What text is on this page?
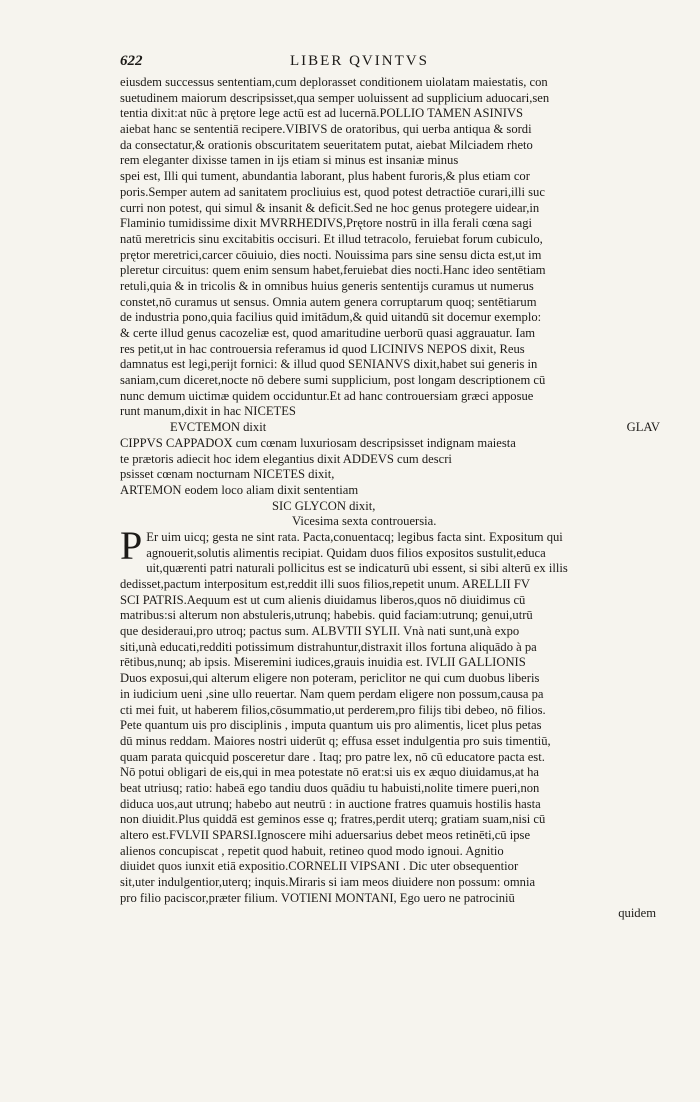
622	LIBER QVINTVS
eiusdem successus sententiam,cum deplorasset conditionem uiolatam maiestatis, con
suetudinem maiorum descripsisset,qua semper uoluissent ad supplicium aduocari,sen
tentia dixit:at nūc à prętore lege actū est ad lucernā.POLLIO TAMEN ASINIVS
aiebat hanc se sententiā recipere.VIBIVS de oratoribus, qui uerba antiqua & sordi
da consectatur,& orationis obscuritatem seueritatem putat, aiebat Milciadem rheto
rem eleganter dixisse tamen in ijs etiam si minus est insaniæ minus
spei est, Illi qui tument, abundantia laborant, plus habent furoris,& plus etiam cor
poris.Semper autem ad sanitatem procliuius est, quod potest detractiōe curari,illi suc
curri non potest, qui simul & insanit & deficit.Sed ne hoc genus protegere uidear,in
Flaminio tumidissime dixit MVRRHEDIVS,Prętore nostrū in illa ferali cœna sagi
natū meretricis sinu excitabitis occisuri. Et illud tetracolo, feruiebat forum cubiculo,
prętor meretrici,carcer cōuiuio, dies nocti. Nouissima pars sine sensu dicta est,ut im
pleretur circuitus: quem enim sensum habet,feruiebat dies nocti.Hanc ideo sentētiam
retuli,quia & in tricolis & in omnibus huius generis sententijs curamus ut numerus
constet,nō curamus ut sensus. Omnia autem genera corruptarum quoq; sentētiarum
de industria pono,quia facilius quid imitādum,& quid uitandū sit docemur exemplo:
& certe illud genus cacozeliæ est, quod amaritudine uerborū quasi aggrauatur. Iam
res petit,ut in hac controuersia referamus id quod LICINIVS NEPOS dixit, Reus
damnatus est legi,perijt fornici: & illud quod SENIANVS dixit,habet sui generis in
saniam,cum diceret,nocte nō debere sumi supplicium, post longam descriptionem cū
nunc demum uictimæ quidem occiduntur.Et ad hanc controuersiam græci apposue
runt manum,dixit in hac NICETES
EVCTEMON dixit	GLAV
CIPPVS CAPPADOX cum cœnam luxuriosam descripsisset indignam maiesta
te prætoris adiecit hoc idem elegantius dixit ADDEVS cum descri
psisset cœnam nocturnam NICETES dixit,
ARTEMON eodem loco aliam dixit sententiam
SIC GLYCON dixit,
Vicesima sexta controuersia.
P Er uim uicq; gesta ne sint rata. Pacta,conuentacq; legibus facta sint. Expositum qui
agnouerit,solutis alimentis recipiat. Quidam duos filios expositos sustulit,educa
uit,quærenti patri naturali pollicitus est se indicaturū ubi essent, si sibi alterū ex illis
dedisset,pactum interpositum est,reddit illi suos filios,repetit unum. ARELLII FV
SCI PATRIS.Aequum est ut cum alienis diuidamus liberos,quos nō diuidimus cū
matribus:si alterum non abstuleris,utrunq; habebis. quid faciam:utrunq; genui,utrū
que desideraui,pro utroq; pactus sum. ALBVTII SYLII. Vnà nati sunt,unà expo
siti,unà educati,redditi potissimum distrahuntur,distraxit illos fortuna aliquādo à pa
rētibus,nunq; ab ipsis. Miseremini iudices,grauis inuidia est. IVLII GALLIONIS
Duos exposui,qui alterum eligere non poteram, periclitor ne qui cum duobus liberis
in iudicium ueni ,sine ullo reuertar. Nam quem perdam eligere non possum,causa pa
cti mei fuit, ut haberem filios,cōsummatio,ut perderem,pro filijs tibi debeo, nō filios.
Pete quantum uis pro disciplinis , imputa quantum uis pro alimentis, licet plus petas
dū minus reddam. Maiores nostri uiderūt q; effusa esset indulgentia pro suis timentiū,
quam parata quicquid posceretur dare . Itaq; pro patre lex, nō cū educatore pacta est.
Nō potui obligari de eis,qui in mea potestate nō erat:si uis ex æquo diuidamus,at ha
beat utriusq; ratio: habeā ego tandiu duos quādiu tu habuisti,nolite timere pueri,non
diduca uos,aut utrunq; habebo aut neutrū : in auctione fratres quamuis hostilis hasta
non diuidit.Plus quiddā est geminos esse q; fratres,perdit uterq; gratiam suam,nisi cū
altero est.FVLVII SPARSI.Ignoscere mihi aduersarius debet meos retinēti,cū ipse
alienos concupiscat , repetit quod habuit, retineo quod modo ignoui. Agnitio
diuidet quos iunxit etiā expositio.CORNELII VIPSANI . Dic uter obsequentior
sit,uter indulgentior,uterq; inquis.Miraris si iam meos diuidere non possum: omnia
pro filio paciscor,præter filium. VOTIENI MONTANI, Ego uero ne patrociniū
quidem
